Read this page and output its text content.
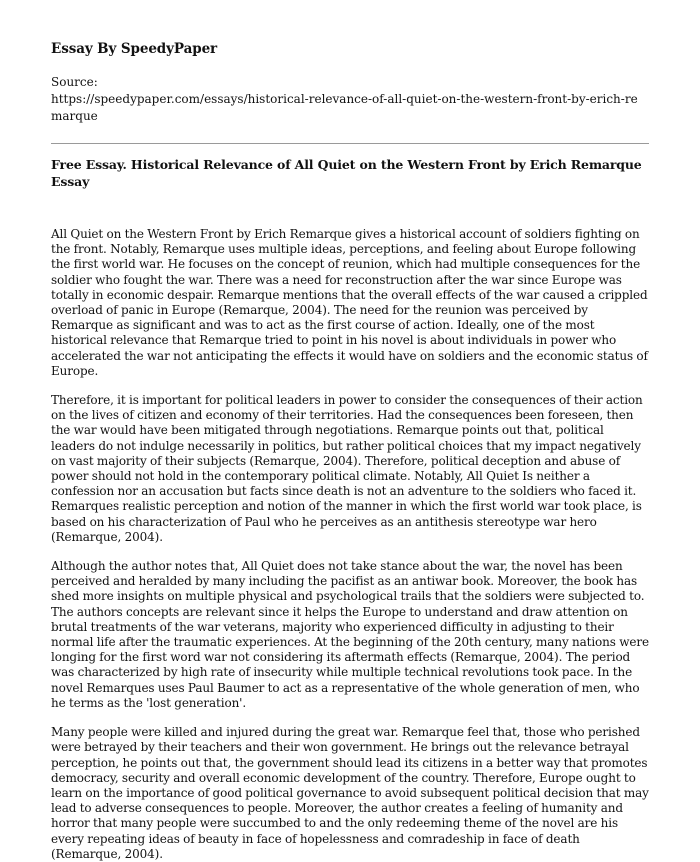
Essay By SpeedyPaper
Source:
https://speedypaper.com/essays/historical-relevance-of-all-quiet-on-the-western-front-by-erich-remarque
Free Essay. Historical Relevance of All Quiet on the Western Front by Erich Remarque Essay

All Quiet on the Western Front by Erich Remarque gives a historical account of soldiers fighting on the front. Notably, Remarque uses multiple ideas, perceptions, and feeling about Europe following the first world war. He focuses on the concept of reunion, which had multiple consequences for the soldier who fought the war. There was a need for reconstruction after the war since Europe was totally in economic despair. Remarque mentions that the overall effects of the war caused a crippled overload of panic in Europe (Remarque, 2004). The need for the reunion was perceived by Remarque as significant and was to act as the first course of action. Ideally, one of the most historical relevance that Remarque tried to point in his novel is about individuals in power who accelerated the war not anticipating the effects it would have on soldiers and the economic status of Europe.

Therefore, it is important for political leaders in power to consider the consequences of their action on the lives of citizen and economy of their territories. Had the consequences been foreseen, then the war would have been mitigated through negotiations. Remarque points out that, political leaders do not indulge necessarily in politics, but rather political choices that my impact negatively on vast majority of their subjects (Remarque, 2004). Therefore, political deception and abuse of power should not hold in the contemporary political climate. Notably, All Quiet Is neither a confession nor an accusation but facts since death is not an adventure to the soldiers who faced it. Remarques realistic perception and notion of the manner in which the first world war took place, is based on his characterization of Paul who he perceives as an antithesis stereotype war hero (Remarque, 2004).

Although the author notes that, All Quiet does not take stance about the war, the novel has been perceived and heralded by many including the pacifist as an antiwar book. Moreover, the book has shed more insights on multiple physical and psychological trails that the soldiers were subjected to. The authors concepts are relevant since it helps the Europe to understand and draw attention on brutal treatments of the war veterans, majority who experienced difficulty in adjusting to their normal life after the traumatic experiences. At the beginning of the 20th century, many nations were longing for the first word war not considering its aftermath effects (Remarque, 2004). The period was characterized by high rate of insecurity while multiple technical revolutions took pace. In the novel Remarques uses Paul Baumer to act as a representative of the whole generation of men, who he terms as the 'lost generation'.

Many people were killed and injured during the great war. Remarque feel that, those who perished were betrayed by their teachers and their won government. He brings out the relevance betrayal perception, he points out that, the government should lead its citizens in a better way that promotes democracy, security and overall economic development of the country. Therefore, Europe ought to learn on the importance of good political governance to avoid subsequent political decision that may lead to adverse consequences to people. Moreover, the author creates a feeling of humanity and horror that many people were succumbed to and the only redeeming theme of the novel are his every repeating ideas of beauty in face of hopelessness and comradeship in face of death (Remarque, 2004).
